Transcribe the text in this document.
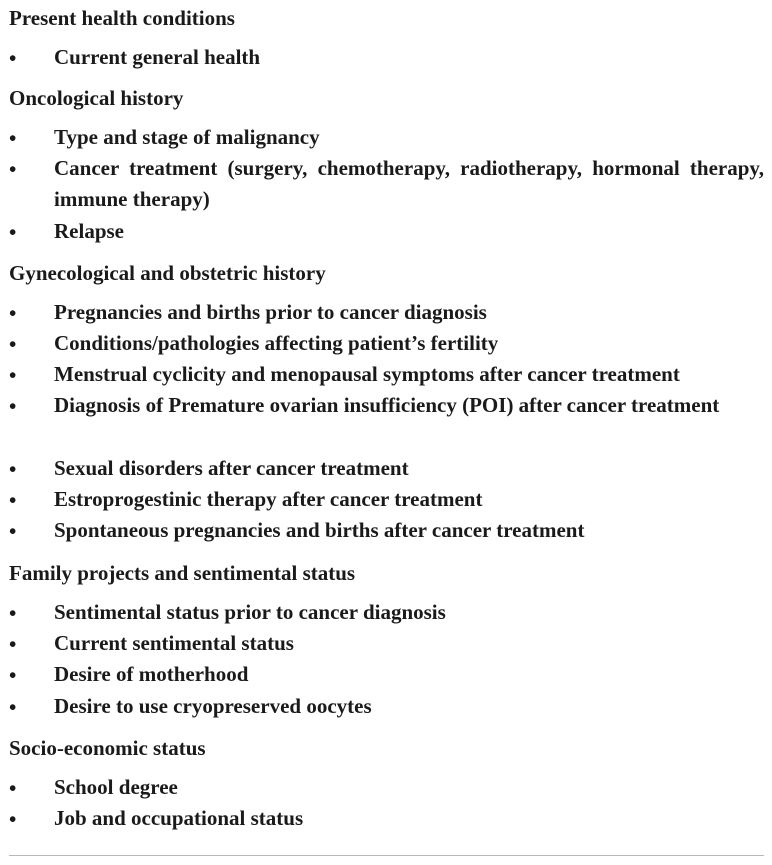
Present health conditions
• Current general health
Oncological history
• Type and stage of malignancy
• Cancer treatment (surgery, chemotherapy, radiotherapy, hormonal therapy, immune therapy)
• Relapse
Gynecological and obstetric history
• Pregnancies and births prior to cancer diagnosis
• Conditions/pathologies affecting patient’s fertility
• Menstrual cyclicity and menopausal symptoms after cancer treatment
• Diagnosis of Premature ovarian insufficiency (POI) after cancer treatment
• Sexual disorders after cancer treatment
• Estroprogestinic therapy after cancer treatment
• Spontaneous pregnancies and births after cancer treatment
Family projects and sentimental status
• Sentimental status prior to cancer diagnosis
• Current sentimental status
• Desire of motherhood
• Desire to use cryopreserved oocytes
Socio-economic status
• School degree
• Job and occupational status
